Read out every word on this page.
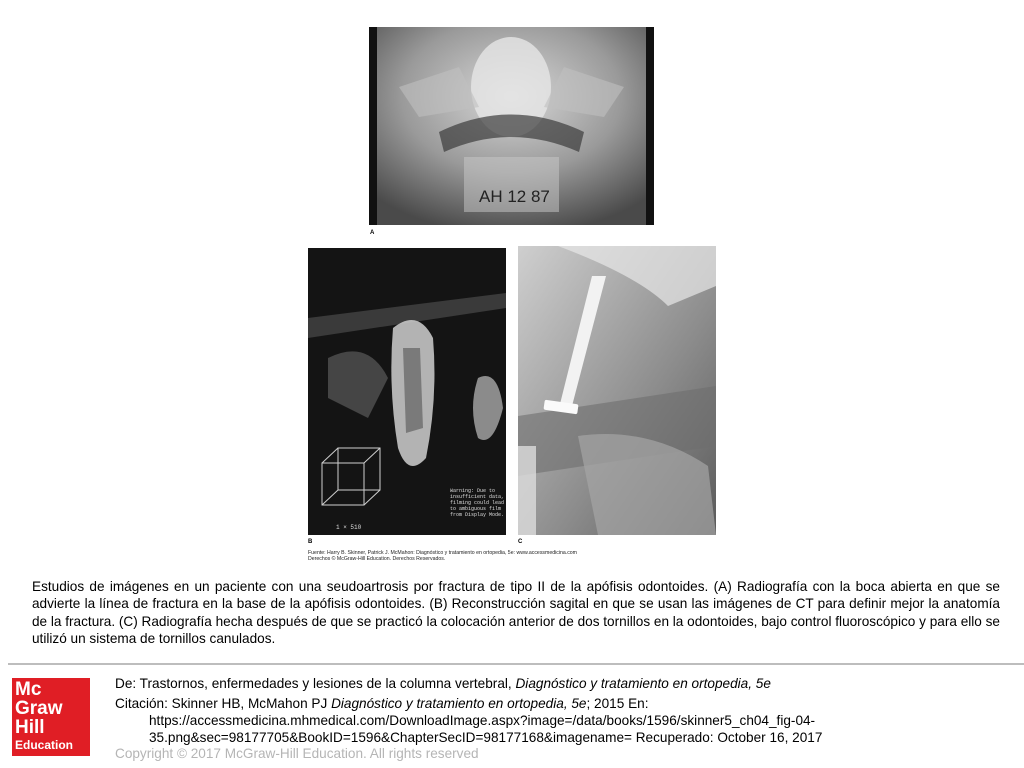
AH 12 87
A
Warning: Due to insufficient data, filming could lead to ambiguous film from Display Mode.
1 × 510
B	C
Fuente: Harry B. Skinner, Patrick J. McMahon: Diagnóstico y tratamiento en ortopedia, 5e: www.accessmedicina.com
Derechos © McGraw-Hill Education. Derechos Reservados.
Estudios de imágenes en un paciente con una seudoartrosis por fractura de tipo II de la apófisis odontoides. (A) Radiografía con la boca abierta en que se advierte la línea de fractura en la base de la apófisis odontoides. (B) Reconstrucción sagital en que se usan las imágenes de CT para definir mejor la anatomía de la fractura. (C) Radiografía hecha después de que se practicó la colocación anterior de dos tornillos en la odontoides, bajo control fluoroscópico y para ello se utilizó un sistema de tornillos canulados.
Mc
Graw
Hill
Education
De: Trastornos, enfermedades y lesiones de la columna vertebral, Diagnóstico y tratamiento en ortopedia, 5e
Citación: Skinner HB, McMahon PJ Diagnóstico y tratamiento en ortopedia, 5e; 2015 En:
https://accessmedicina.mhmedical.com/DownloadImage.aspx?image=/data/books/1596/skinner5_ch04_fig-04-
35.png&sec=98177705&BookID=1596&ChapterSecID=98177168&imagename= Recuperado: October 16, 2017
Copyright © 2017 McGraw-Hill Education. All rights reserved
